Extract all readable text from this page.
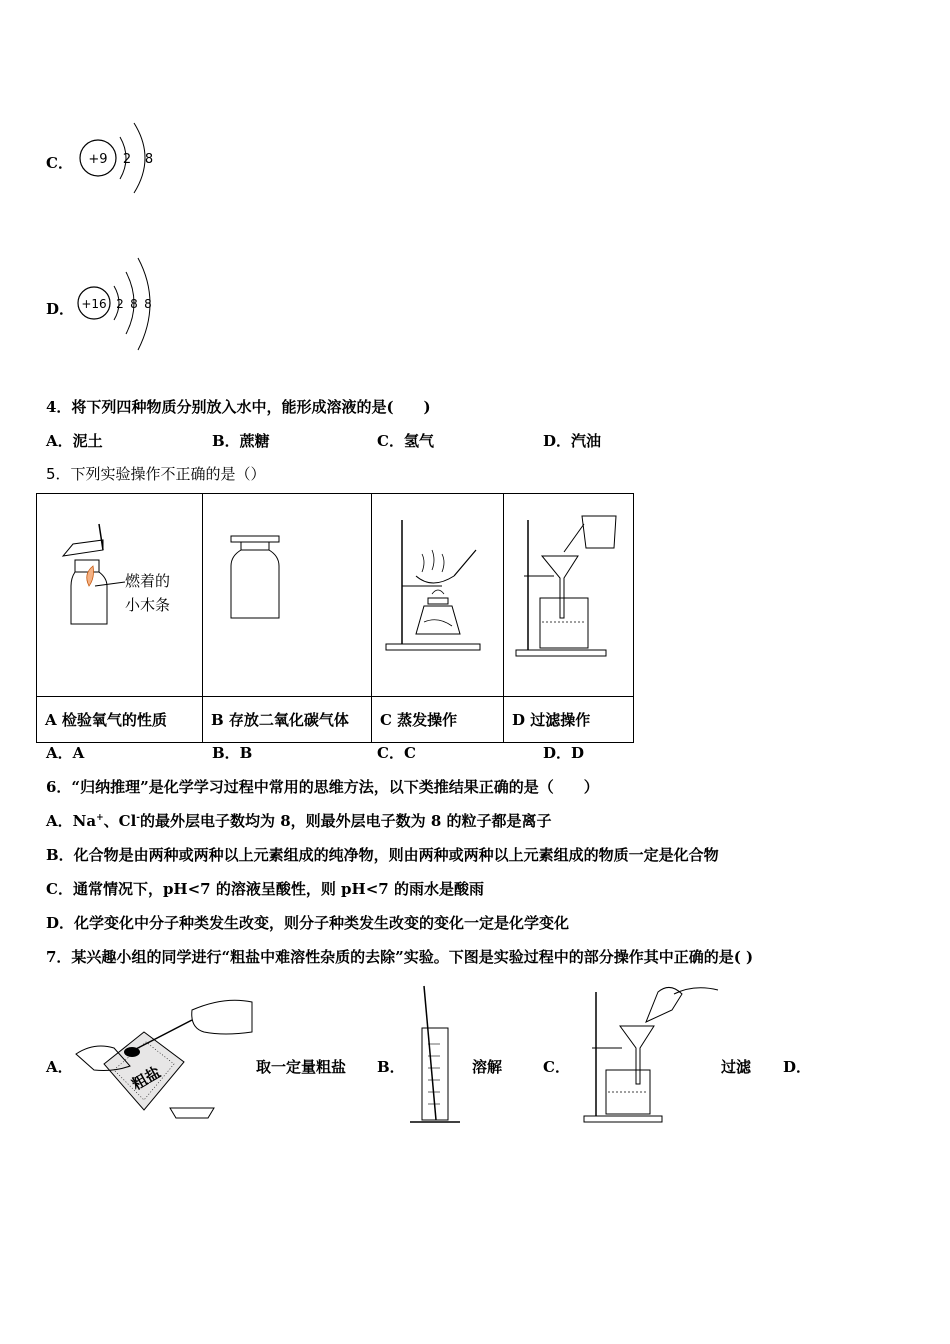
C． +9 2 8
D． +16 2 8 8
4．将下列四种物质分别放入水中，能形成溶液的是(　　)
A．泥土	B．蔗糖	C．氢气	D．汽油
5．下列实验操作不正确的是（）
燃着的
小木条

A 检验氧气的性质	B 存放二氧化碳气体	C 蒸发操作	D 过滤操作
A．A	B．B	C．C	D．D
6．“归纳推理”是化学学习过程中常用的思维方法，以下类推结果正确的是（　　）
A．Na+、Cl-的最外层电子数均为 8，则最外层电子数为 8 的粒子都是离子
B．化合物是由两种或两种以上元素组成的纯净物，则由两种或两种以上元素组成的物质一定是化合物
C．通常情况下，pH<7 的溶液呈酸性，则 pH<7 的雨水是酸雨
D．化学变化中分子种类发生改变，则分子种类发生改变的变化一定是化学变化
7．某兴趣小组的同学进行“粗盐中难溶性杂质的去除”实验。下图是实验过程中的部分操作其中正确的是( )
A．	粗盐	取一定量粗盐 B．	溶解	C．	过滤 D．
